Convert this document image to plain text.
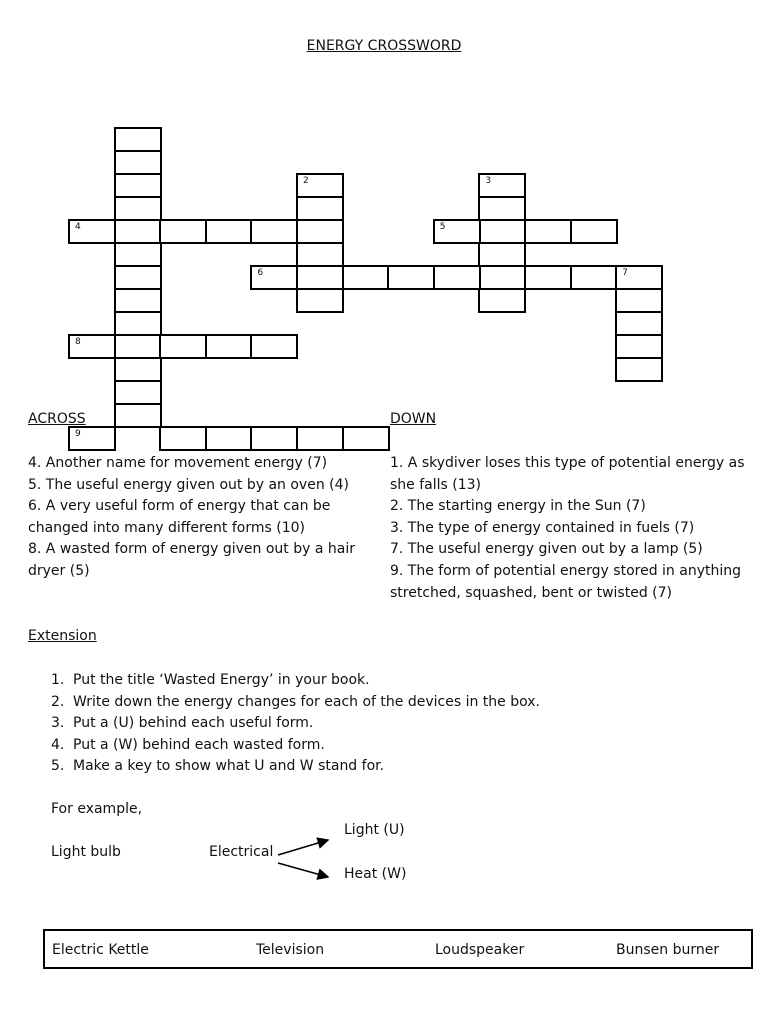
ENERGY CROSSWORD
2	3
4	5
6	7
8
9
ACROSS

4. Another name for movement energy (7)

5. The useful energy given out by an oven (4)

6. A very useful form of energy that can be changed into many different forms (10)

8. A wasted form of energy given out by a hair dryer (5)

DOWN

1. A skydiver loses this type of potential energy as she falls (13)

2. The starting energy in the Sun (7)

3. The type of energy contained in fuels (7)

7. The useful energy given out by a lamp (5)

9. The form of potential energy stored in anything stretched, squashed, bent or twisted (7)

Extension
1. Put the title ‘Wasted Energy’ in your book.
2. Write down the energy changes for each of the devices in the box.
3. Put a (U) behind each useful form.
4. Put a (W) behind each wasted form.
5. Make a key to show what U and W stand for.
For example,
Light bulb	Electrical
Light (U)
Heat (W)
Electric Kettle	Television	Loudspeaker	Bunsen burner
